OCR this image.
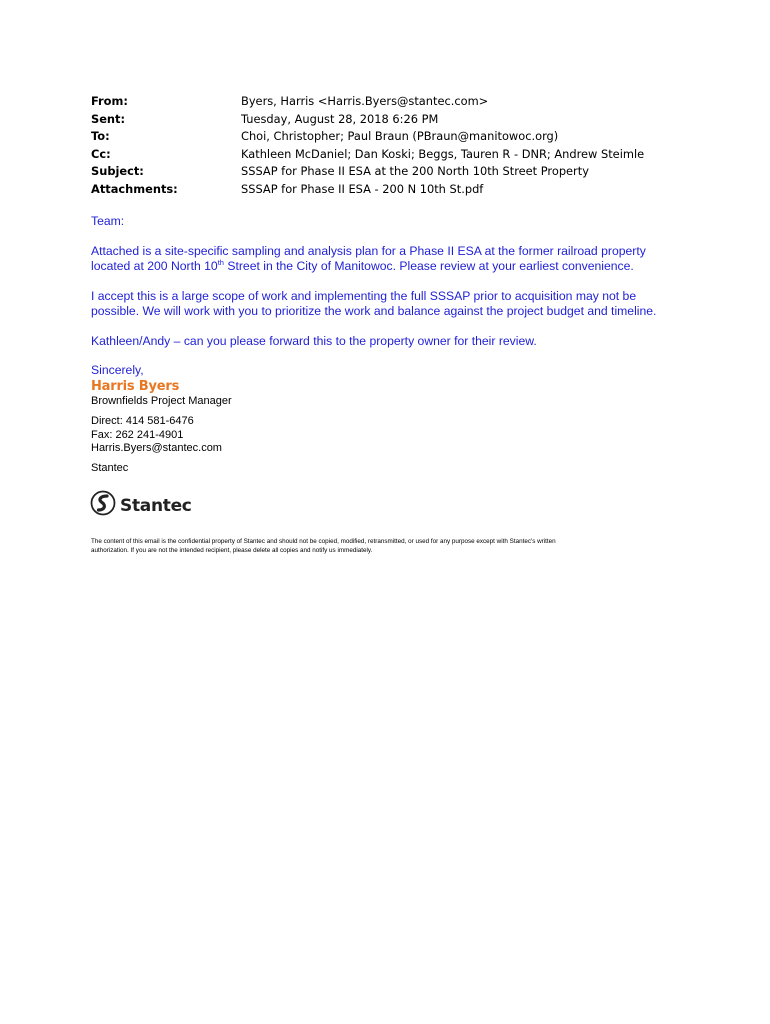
From:	Byers, Harris <Harris.Byers@stantec.com>
Sent:	Tuesday, August 28, 2018 6:26 PM
To:	Choi, Christopher; Paul Braun (PBraun@manitowoc.org)
Cc:	Kathleen McDaniel; Dan Koski; Beggs, Tauren R - DNR; Andrew Steimle
Subject:	SSSAP for Phase II ESA at the 200 North 10th Street Property
Attachments:	SSSAP for Phase II ESA - 200 N 10th St.pdf

Team:

Attached is a site-specific sampling and analysis plan for a Phase II ESA at the former railroad property
located at 200 North 10th Street in the City of Manitowoc. Please review at your earliest convenience.

I accept this is a large scope of work and implementing the full SSSAP prior to acquisition may not be
possible. We will work with you to prioritize the work and balance against the project budget and timeline.

Kathleen/Andy – can you please forward this to the property owner for their review.

Sincerely,

Harris Byers

Brownfields Project Manager

Direct: 414 581-6476

Fax: 262 241-4901

Harris.Byers@stantec.com

Stantec

Stantec
The content of this email is the confidential property of Stantec and should not be copied, modified, retransmitted, or used for any purpose except with Stantec's written
authorization. If you are not the intended recipient, please delete all copies and notify us immediately.
